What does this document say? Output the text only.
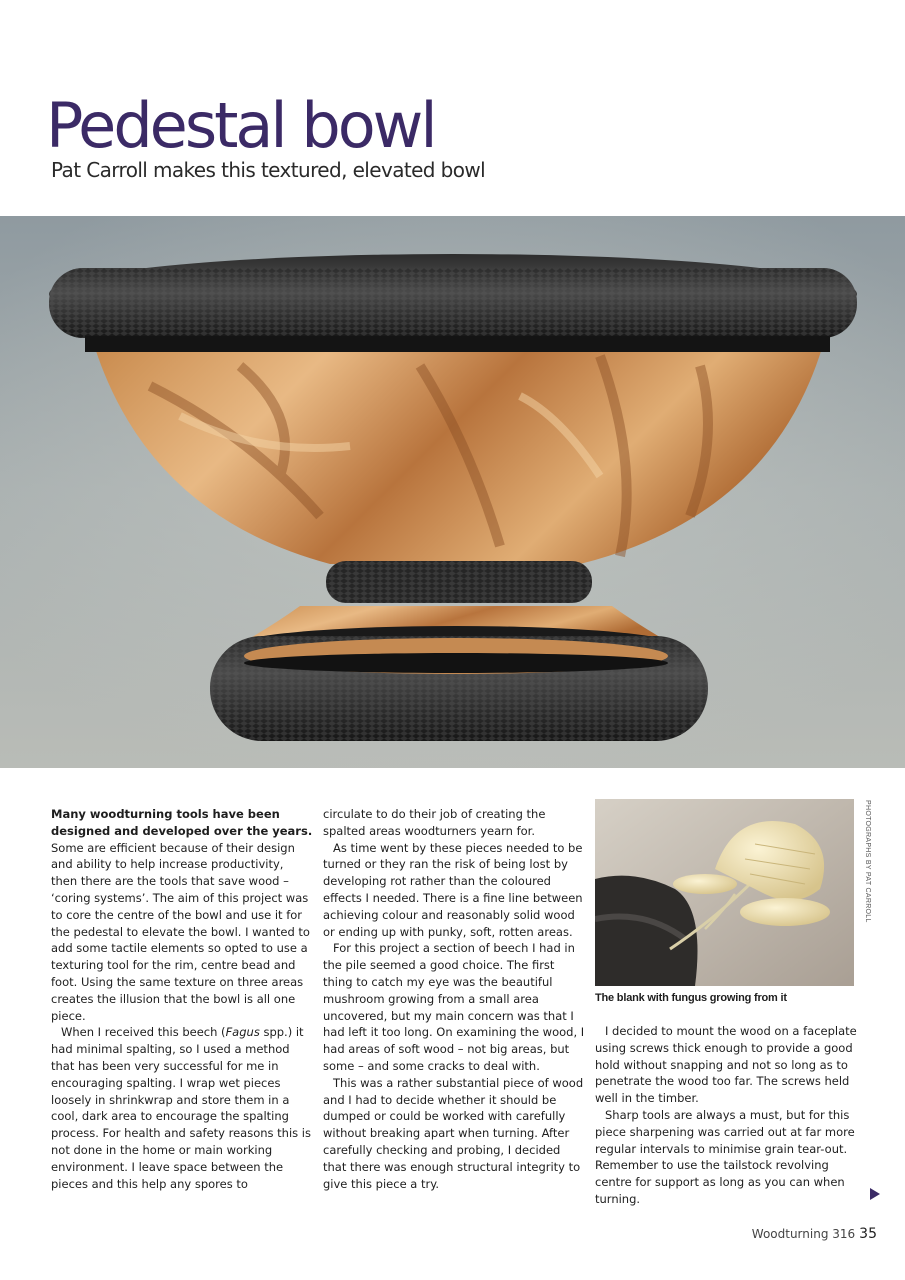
Pedestal bowl
Pat Carroll makes this textured, elevated bowl

Many woodturning tools have been designed and developed over the years. Some are efficient because of their design and ability to help increase productivity, then there are the tools that save wood – ‘coring systems’. The aim of this project was to core the centre of the bowl and use it for the pedestal to elevate the bowl. I wanted to add some tactile elements so opted to use a texturing tool for the rim, centre bead and foot. Using the same texture on three areas creates the illusion that the bowl is all one piece.

When I received this beech (Fagus spp.) it had minimal spalting, so I used a method that has been very successful for me in encouraging spalting. I wrap wet pieces loosely in shrinkwrap and store them in a cool, dark area to encourage the spalting process. For health and safety reasons this is not done in the home or main working environment. I leave space between the pieces and this help any spores to

circulate to do their job of creating the spalted areas woodturners yearn for.

As time went by these pieces needed to be turned or they ran the risk of being lost by developing rot rather than the coloured effects I needed. There is a fine line between achieving colour and reasonably solid wood or ending up with punky, soft, rotten areas.

For this project a section of beech I had in the pile seemed a good choice. The first thing to catch my eye was the beautiful mushroom growing from a small area uncovered, but my main concern was that I had left it too long. On examining the wood, I had areas of soft wood – not big areas, but some – and some cracks to deal with.

This was a rather substantial piece of wood and I had to decide whether it should be dumped or could be worked with carefully without breaking apart when turning. After carefully checking and probing, I decided that there was enough structural integrity to give this piece a try.

The blank with fungus growing from it
PHOTOGRAPHS BY PAT CARROLL

I decided to mount the wood on a faceplate using screws thick enough to provide a good hold without snapping and not so long as to penetrate the wood too far. The screws held well in the timber.

Sharp tools are always a must, but for this piece sharpening was carried out at far more regular intervals to minimise grain tear-out. Remember to use the tailstock revolving centre for support as long as you can when turning.

Woodturning 316 35
